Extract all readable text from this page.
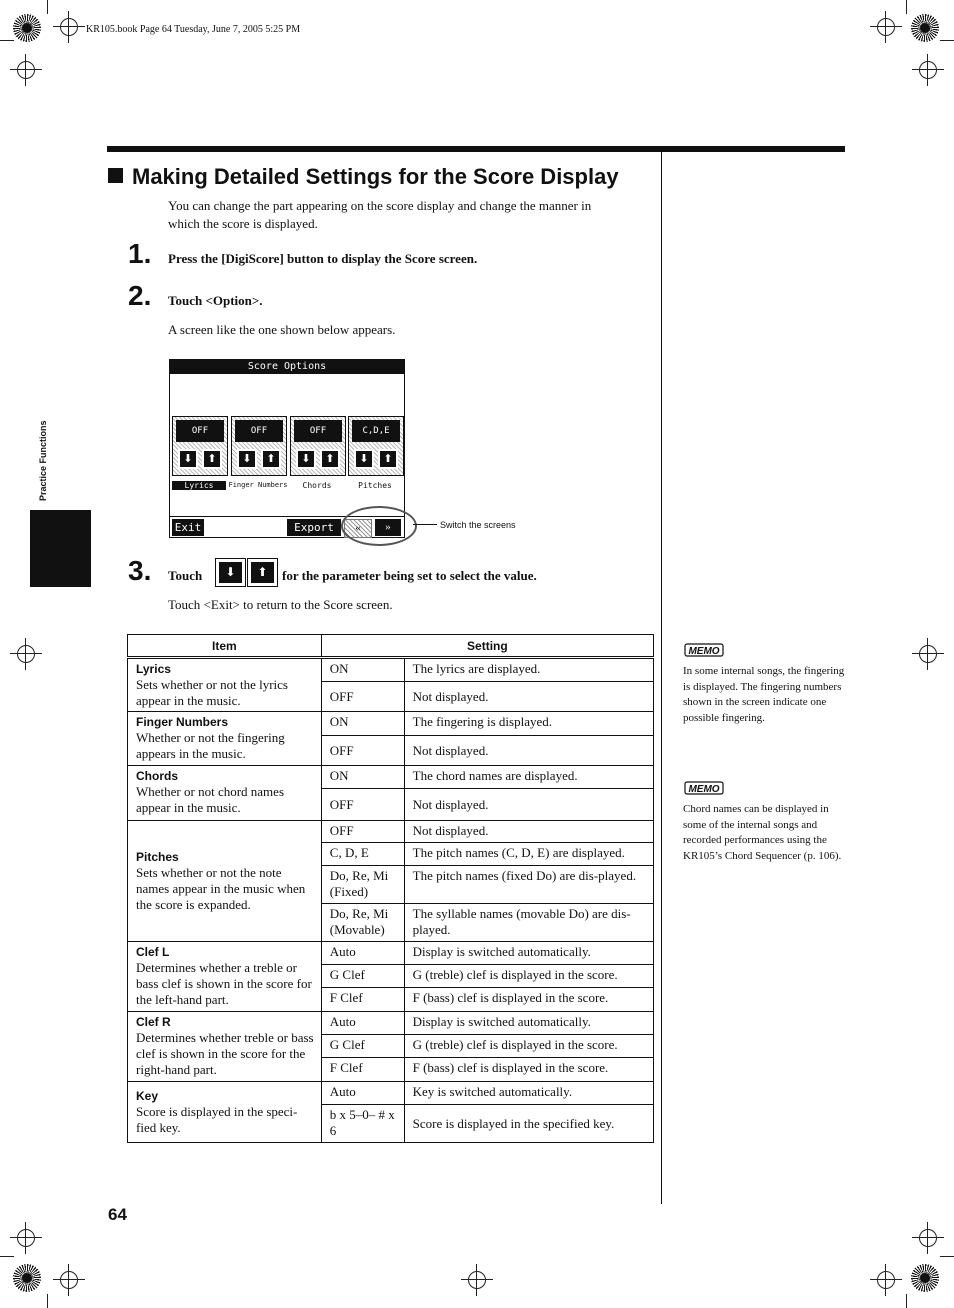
KR105.book Page 64 Tuesday, June 7, 2005 5:25 PM
Practice Functions
Making Detailed Settings for the Score Display
You can change the part appearing on the score display and change the manner in
which the score is displayed.
1. Press the [DigiScore] button to display the Score screen.
2. Touch <Option>.
A screen like the one shown below appears.
Score Options
OFF
⬇	⬆
OFF
⬇	⬆
OFF
⬇	⬆
C,D,E
⬇	⬆
Lyrics	Finger Numbers	Chords	Pitches
Exit	Export	«	»	Switch the screens
3. Touch	⬇	⬆	for the parameter being set to select the value.
Touch <Exit> to return to the Score screen.
Item	Setting	
Lyrics
Sets whether or not the lyrics appear in the music.	ON	The lyrics are displayed.
	OFF	Not displayed.
Finger Numbers
Whether or not the fingering appears in the music.	ON	The fingering is displayed.
	OFF	Not displayed.
Chords
Whether or not chord names appear in the music.	ON	The chord names are displayed.
	OFF	Not displayed.
Pitches
Sets whether or not the note names appear in the music when the score is expanded.	OFF	Not displayed.
	C, D, E	The pitch names (C, D, E) are displayed.
	Do, Re, Mi (Fixed)	The pitch names (fixed Do) are dis-played.
	Do, Re, Mi (Movable)	The syllable names (movable Do) are dis-played.
Clef L
Determines whether a treble or bass clef is shown in the score for the left-hand part.	Auto	Display is switched automatically.
	G Clef	G (treble) clef is displayed in the score.
	F Clef	F (bass) clef is displayed in the score.
Clef R
Determines whether treble or bass clef is shown in the score for the right-hand part.	Auto	Display is switched automatically.
	G Clef	G (treble) clef is displayed in the score.
	F Clef	F (bass) clef is displayed in the score.
Key
Score is displayed in the speci-fied key.	Auto	Key is switched automatically.
	b x 5–0– # x 6	Score is displayed in the specified key.
MEMO
In some internal songs, the fingering is displayed. The fingering numbers shown in the screen indicate one possible fingering.
MEMO
Chord names can be displayed in some of the internal songs and recorded performances using the KR105’s Chord Sequencer (p. 106).
64
